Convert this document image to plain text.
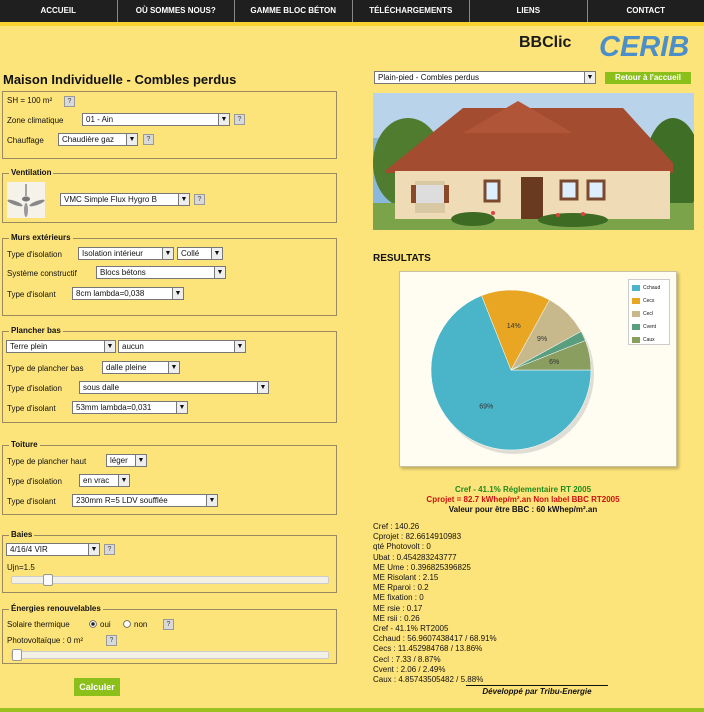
ACCUEIL	OÙ SOMMES NOUS?	GAMME BLOC BÉTON	TÉLÉCHARGEMENTS	LIENS	CONTACT
BBClic CERIB
Maison Individuelle - Combles perdus
SH = 100 m²	?
Zone climatique	01 - Ain	▼	?
Chauffage	Chaudière gaz	▼	?
Ventilation
VMC Simple Flux Hygro B	▼	?
Murs extérieurs
Type d'isolation	Isolation intérieur	▼	Collé	▼
Système constructif	Blocs bétons	▼
Type d'isolant	8cm lambda=0,038	▼
Plancher bas
Terre plein	▼	aucun	▼
Type de plancher bas	dalle pleine	▼
Type d'isolation	sous dalle	▼
Type d'isolant	53mm lambda=0,031	▼
Toiture
Type de plancher haut	léger	▼
Type d'isolation	en vrac	▼
Type d'isolant	230mm R=5 LDV soufflée	▼
Baies
4/16/4 VIR	▼	?
Ujn=1.5
Énergies renouvelables
Solaire thermique	oui	non	?
Photovoltaïque : 0 m²	?
Calculer
Plain-pied - Combles perdus	▼	Retour à l'accueil
RESULTATS
69%
14%
9%
6%
Cchaud
Cecs
Cecl
Cvent
Caux
Cref - 41.1% Réglementaire RT 2005
Cprojet = 82.7 kWhep/m².an Non label BBC RT2005
Valeur pour être BBC : 60 kWhep/m².an
Cref : 140.26
Cprojet : 82.6614910983
qté Photovolt : 0
Ubat : 0.454283243777
ME Ume : 0.396825396825
ME Risolant : 2.15
ME Rparoi : 0.2
ME fixation : 0
ME rsie : 0.17
ME rsii : 0.26
Cref - 41.1% RT2005
Cchaud : 56.9607438417 / 68.91%
Cecs : 11.452984768 / 13.86%
Cecl : 7.33 / 8.87%
Cvent : 2.06 / 2.49%
Caux : 4.85743505482 / 5.88%
Développé par Tribu-Energie
